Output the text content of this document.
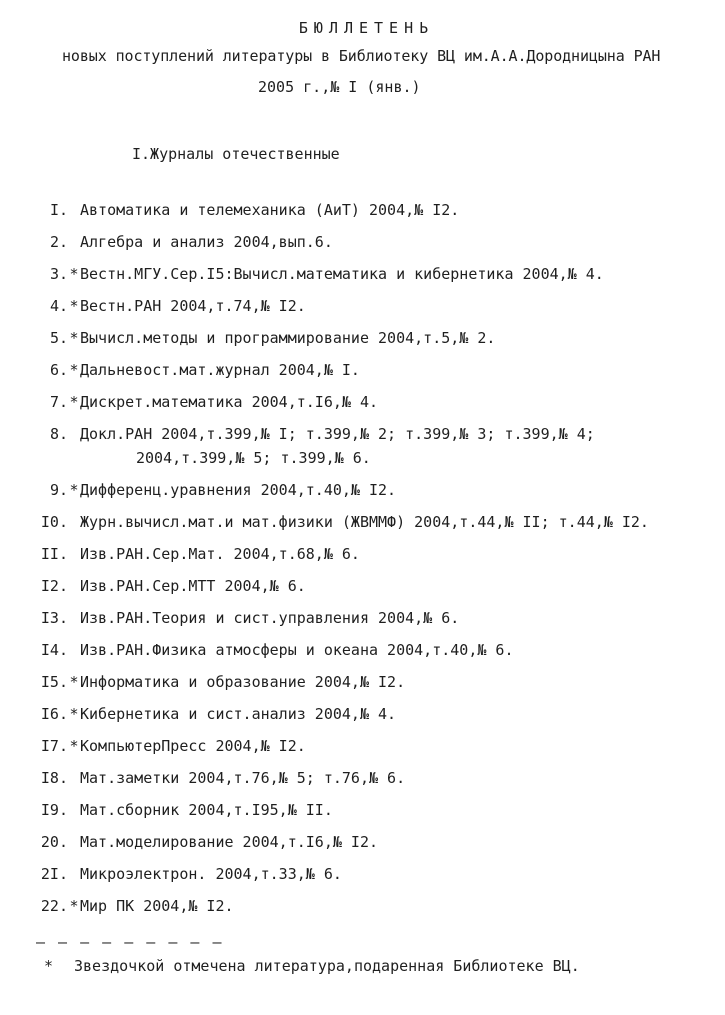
БЮЛЛЕТЕНЬ
новых поступлений литературы в Библиотеку ВЦ им.А.А.Дородницына РАН
2005 г.,№ I (янв.)
I.Журналы отечественные
I. Автоматика и телемеханика (АиТ) 2004,№ I2.
2. Алгебра и анализ 2004,вып.6.
3.*Вестн.МГУ.Сер.I5:Вычисл.математика и кибернетика 2004,№ 4.
4.*Вестн.РАН 2004,т.74,№ I2.
5.*Вычисл.методы и программирование 2004,т.5,№ 2.
6.*Дальневост.мат.журнал 2004,№ I.
7.*Дискрет.математика 2004,т.I6,№ 4.
8. Докл.РАН 2004,т.399,№ I; т.399,№ 2; т.399,№ 3; т.399,№ 4;
2004,т.399,№ 5; т.399,№ 6.
9.*Дифференц.уравнения 2004,т.40,№ I2.
I0. Журн.вычисл.мат.и мат.физики (ЖВММФ) 2004,т.44,№ II; т.44,№ I2.
II. Изв.РАН.Сер.Мат. 2004,т.68,№ 6.
I2. Изв.РАН.Сер.МТТ 2004,№ 6.
I3. Изв.РАН.Теория и сист.управления 2004,№ 6.
I4. Изв.РАН.Физика атмосферы и океана 2004,т.40,№ 6.
I5.*Информатика и образование 2004,№ I2.
I6.*Кибернетика и сист.анализ 2004,№ 4.
I7.*КомпьютерПресс 2004,№ I2.
I8. Мат.заметки 2004,т.76,№ 5; т.76,№ 6.
I9. Мат.сборник 2004,т.I95,№ II.
20. Мат.моделирование 2004,т.I6,№ I2.
2I. Микроэлектрон. 2004,т.33,№ 6.
22.*Мир ПК 2004,№ I2.
— — — — — — — — —
* Звездочкой отмечена литература,подаренная Библиотеке ВЦ.
